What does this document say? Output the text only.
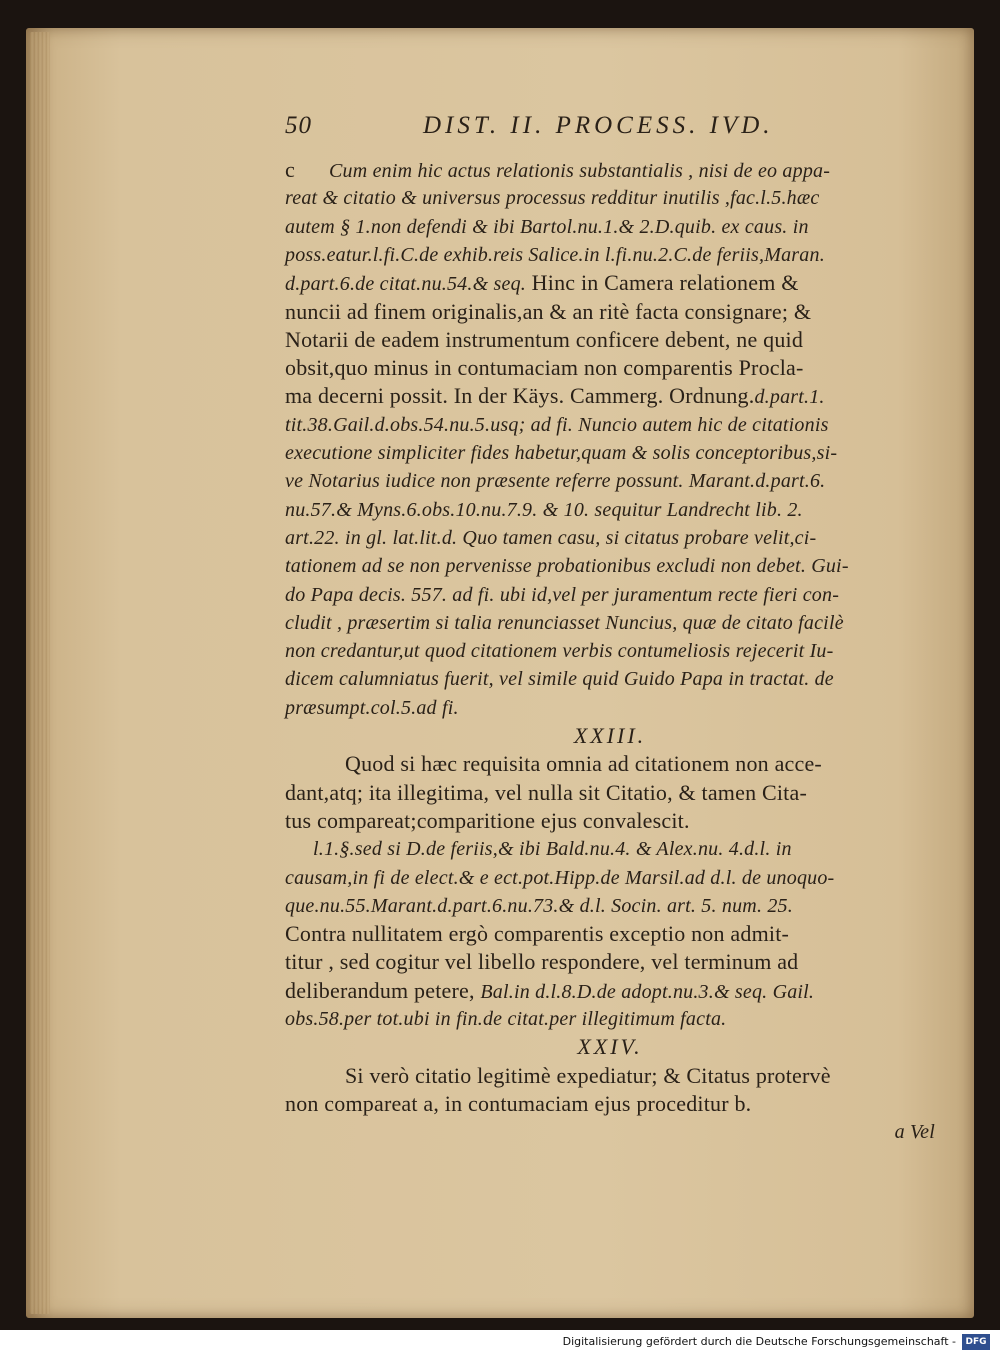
50	DIST. II. PROCESS. IVD.
c Cum enim hic actus relationis substantialis , nisi de eo appa-
reat & citatio & universus processus redditur inutilis ,fac.l.5.hæc
autem § 1.non defendi & ibi Bartol.nu.1.& 2.D.quib. ex caus. in
poss.eatur.l.fi.C.de exhib.reis Salice.in l.fi.nu.2.C.de feriis,Maran.
d.part.6.de citat.nu.54.& seq. Hinc in Camera relationem &
nuncii ad finem originalis,an & an ritè facta consignare; &
Notarii de eadem instrumentum conficere debent, ne quid
obsit,quo minus in contumaciam non comparentis Procla-
ma decerni possit. In der Käys. Cammerg. Ordnung.d.part.1.
tit.38.Gail.d.obs.54.nu.5.usq; ad fi. Nuncio autem hic de citationis
executione simpliciter fides habetur,quam & solis conceptoribus,si-
ve Notarius iudice non præsente referre possunt. Marant.d.part.6.
nu.57.& Myns.6.obs.10.nu.7.9. & 10. sequitur Landrecht lib. 2.
art.22. in gl. lat.lit.d. Quo tamen casu, si citatus probare velit,ci-
tationem ad se non pervenisse probationibus excludi non debet. Gui-
do Papa decis. 557. ad fi. ubi id,vel per juramentum recte fieri con-
cludit , præsertim si talia renunciasset Nuncius, quæ de citato facilè
non credantur,ut quod citationem verbis contumeliosis rejecerit Iu-
dicem calumniatus fuerit, vel simile quid Guido Papa in tractat. de
præsumpt.col.5.ad fi.
XXIII.
Quod si hæc requisita omnia ad citationem non acce-
dant,atq; ita illegitima, vel nulla sit Citatio, & tamen Cita-
tus compareat;comparitione ejus convalescit.
l.1.§.sed si D.de feriis,& ibi Bald.nu.4. & Alex.nu. 4.d.l. in
causam,in fi de elect.& e ect.pot.Hipp.de Marsil.ad d.l. de unoquo-
que.nu.55.Marant.d.part.6.nu.73.& d.l. Socin. art. 5. num. 25.
Contra nullitatem ergò comparentis exceptio non admit-
titur , sed cogitur vel libello respondere, vel terminum ad
deliberandum petere, Bal.in d.l.8.D.de adopt.nu.3.& seq. Gail.
obs.58.per tot.ubi in fin.de citat.per illegitimum facta.
XXIV.
Si verò citatio legitimè expediatur; & Citatus protervè
non compareat a, in contumaciam ejus proceditur b.
a Vel
Digitalisierung gefördert durch die Deutsche Forschungsgemeinschaft -	DFG
